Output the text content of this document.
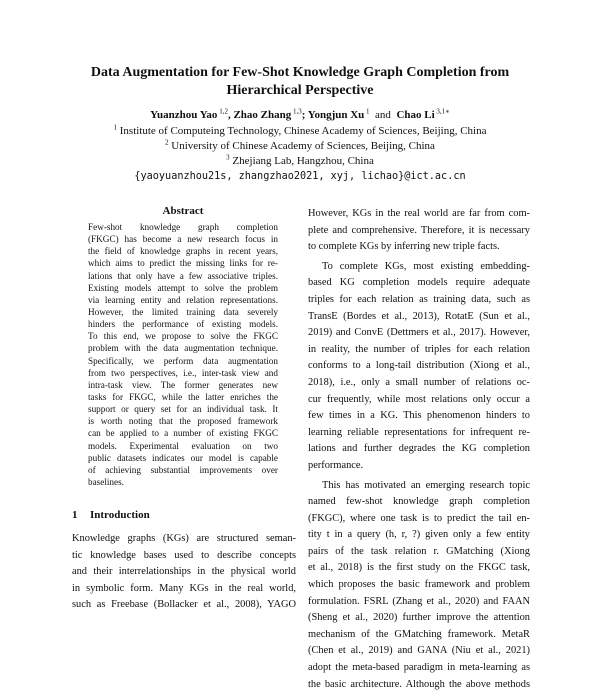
Data Augmentation for Few-Shot Knowledge Graph Completion from
Hierarchical Perspective
Yuanzhou Yao $^{1,2}$, Zhao Zhang $^{1,3}$; Yongjun Xu $^1$  and  Chao Li $^{3,1∗}$
$^1$ Institute of Computeing Technology, Chinese Academy of Sciences, Beijing, China
$^2$ University of Chinese Academy of Sciences, Beijing, China
$^3$ Zhejiang Lab, Hangzhou, China
{yaoyuanzhou21s, zhangzhao2021, xyj, lichao}@ict.ac.cn
Abstract
Few-shot knowledge graph completion
(FKGC) has become a new research focus in
the field of knowledge graphs in recent years,
which aims to predict the missing links for re-
lations that only have a few associative triples.
Existing models attempt to solve the problem
via learning entity and relation representations.
However, the limited training data severely
hinders the performance of existing models.
To this end, we propose to solve the FKGC
problem with the data augmentation technique.
Specifically, we perform data augmentation
from two perspectives, i.e., inter-task view and
intra-task view. The former generates new
tasks for FKGC, while the latter enriches the
support or query set for an individual task. It
is worth noting that the proposed framework
can be applied to a number of existing FKGC
models. Experimental evaluation on two
public datasets indicates our model is capable
of achieving substantial improvements over
baselines.
1 Introduction
Knowledge graphs (KGs) are structured seman-
tic knowledge bases used to describe concepts
and their interrelationships in the physical world
in symbolic form. Many KGs in the real world,
such as Freebase (Bollacker et al., 2008), YAGO
However, KGs in the real world are far from com-
plete and comprehensive. Therefore, it is necessary
to complete KGs by inferring new triple facts.
To complete KGs, most existing embedding-
based KG completion models require adequate
triples for each relation as training data, such as
TransE (Bordes et al., 2013), RotatE (Sun et al.,
2019) and ConvE (Dettmers et al., 2017). However,
in reality, the number of triples for each relation
conforms to a long-tail distribution (Xiong et al.,
2018), i.e., only a small number of relations oc-
cur frequently, while most relations only occur a
few times in a KG. This phenomenon hinders to
learning reliable representations for infrequent re-
lations and further degrades the KG completion
performance.
This has motivated an emerging research topic
named few-shot knowledge graph completion
(FKGC), where one task is to predict the tail en-
tity t in a query (h, r, ?) given only a few entity
pairs of the task relation r. GMatching (Xiong
et al., 2018) is the first study on the FKGC task,
which proposes the basic framework and problem
formulation. FSRL (Zhang et al., 2020) and FAAN
(Sheng et al., 2020) further improve the attention
mechanism of the GMatching framework. MetaR
(Chen et al., 2019) and GANA (Niu et al., 2021)
adopt the meta-based paradigm in meta-learning as
the basic architecture. Although the above methods
